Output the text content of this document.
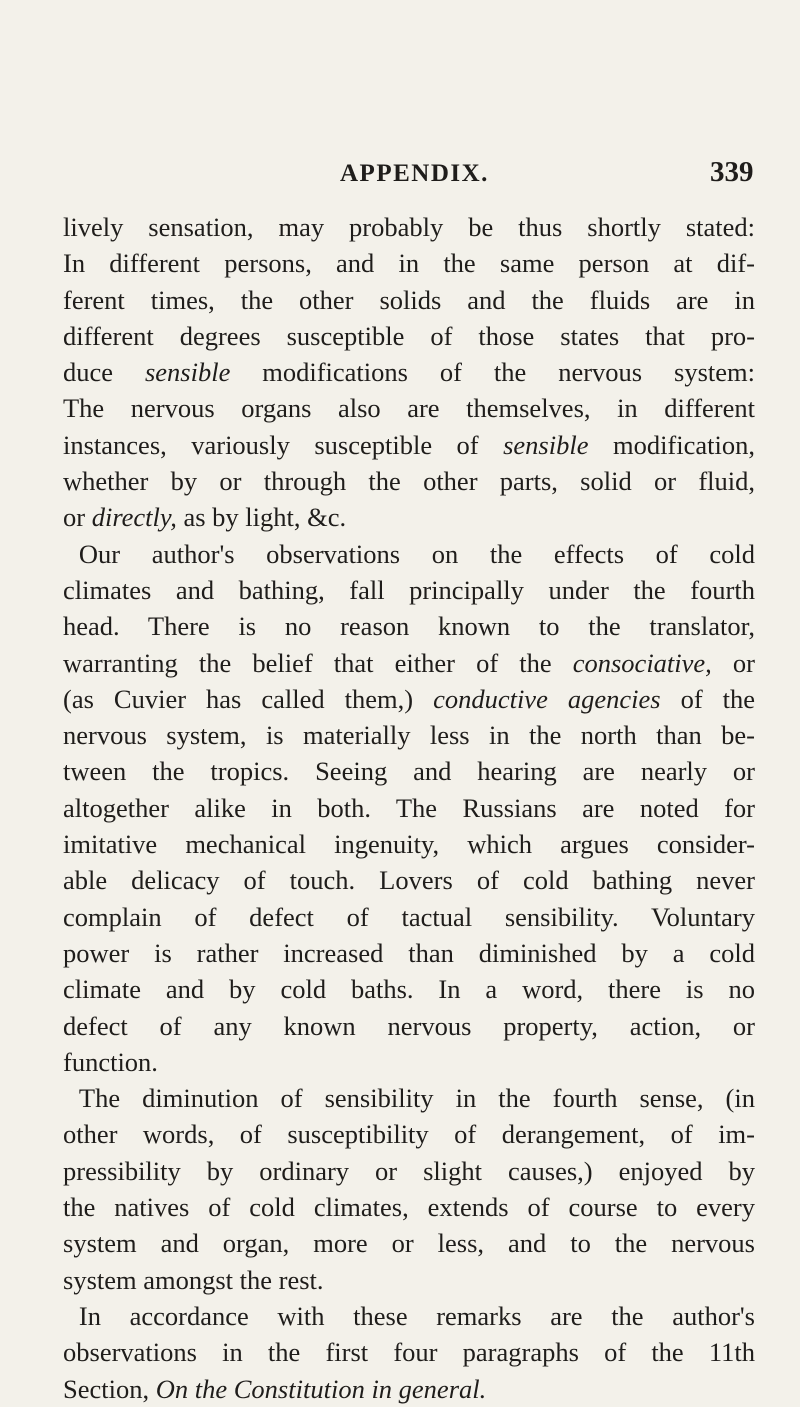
APPENDIX.	339
lively sensation, may probably be thus shortly stated:
In different persons, and in the same person at dif-
ferent times, the other solids and the fluids are in
different degrees susceptible of those states that pro-
duce sensible modifications of the nervous system:
The nervous organs also are themselves, in different
instances, variously susceptible of sensible modification,
whether by or through the other parts, solid or fluid,
or directly, as by light, &c.
Our author's observations on the effects of cold
climates and bathing, fall principally under the fourth
head. There is no reason known to the translator,
warranting the belief that either of the consociative, or
(as Cuvier has called them,) conductive agencies of the
nervous system, is materially less in the north than be-
tween the tropics. Seeing and hearing are nearly or
altogether alike in both. The Russians are noted for
imitative mechanical ingenuity, which argues consider-
able delicacy of touch. Lovers of cold bathing never
complain of defect of tactual sensibility. Voluntary
power is rather increased than diminished by a cold
climate and by cold baths. In a word, there is no
defect of any known nervous property, action, or
function.
The diminution of sensibility in the fourth sense, (in
other words, of susceptibility of derangement, of im-
pressibility by ordinary or slight causes,) enjoyed by
the natives of cold climates, extends of course to every
system and organ, more or less, and to the nervous
system amongst the rest.
In accordance with these remarks are the author's
observations in the first four paragraphs of the 11th
Section, On the Constitution in general.
